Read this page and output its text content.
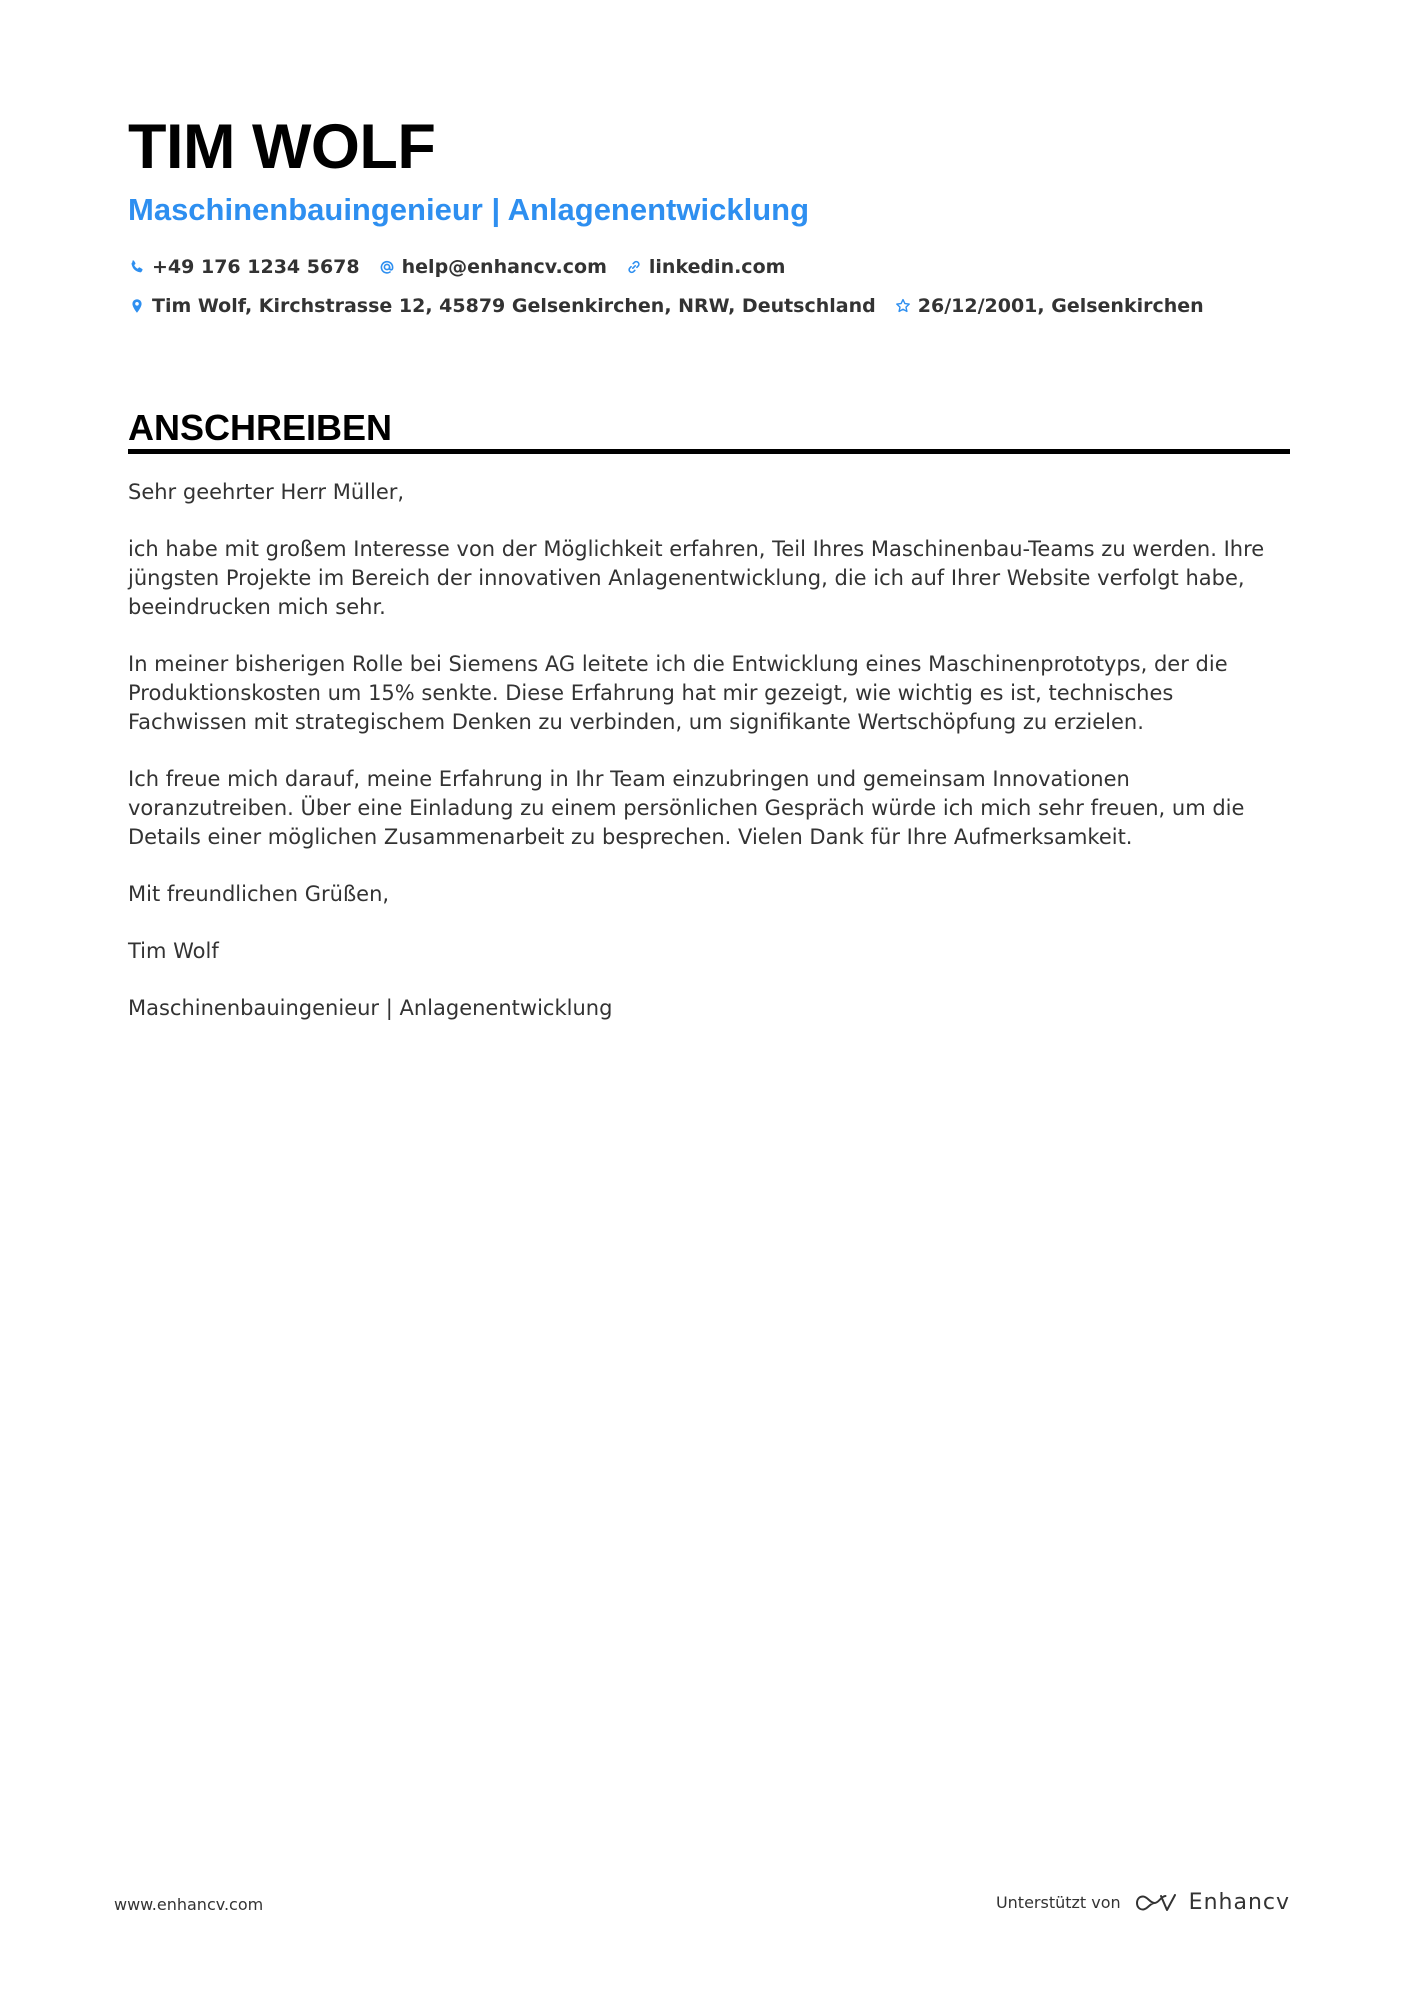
TIM WOLF
Maschinenbauingenieur | Anlagenentwicklung
+49 176 1234 5678 help@enhancv.com linkedin.com
Tim Wolf, Kirchstrasse 12, 45879 Gelsenkirchen, NRW, Deutschland 26/12/2001, Gelsenkirchen
ANSCHREIBEN

Sehr geehrter Herr Müller,

ich habe mit großem Interesse von der Möglichkeit erfahren, Teil Ihres Maschinenbau-Teams zu werden. Ihre jüngsten Projekte im Bereich der innovativen Anlagenentwicklung, die ich auf Ihrer Website verfolgt habe, beeindrucken mich sehr.

In meiner bisherigen Rolle bei Siemens AG leitete ich die Entwicklung eines Maschinenprototyps, der die Produktionskosten um 15% senkte. Diese Erfahrung hat mir gezeigt, wie wichtig es ist, technisches Fachwissen mit strategischem Denken zu verbinden, um signifikante Wertschöpfung zu erzielen.

Ich freue mich darauf, meine Erfahrung in Ihr Team einzubringen und gemeinsam Innovationen voranzutreiben. Über eine Einladung zu einem persönlichen Gespräch würde ich mich sehr freuen, um die Details einer möglichen Zusammenarbeit zu besprechen. Vielen Dank für Ihre Aufmerksamkeit.

Mit freundlichen Grüßen,

Tim Wolf

Maschinenbauingenieur | Anlagenentwicklung

www.enhancv.com	Unterstützt von	Enhancv
